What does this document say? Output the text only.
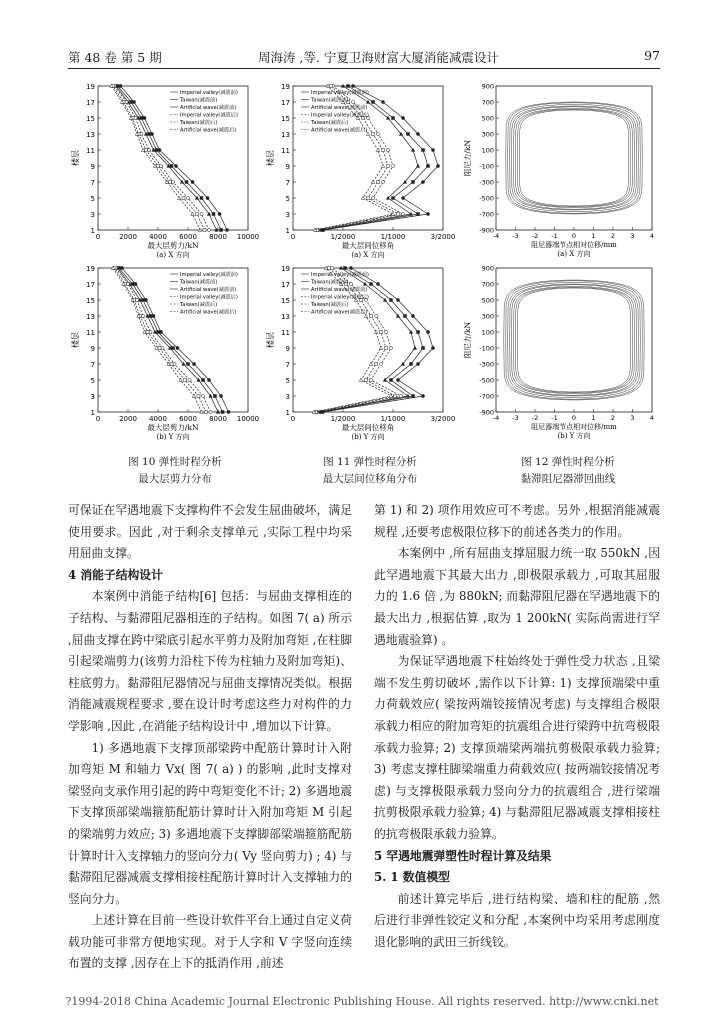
第 48 卷 第 5 期	周海涛 ,等. 宁夏卫海财富大厦消能减震设计	97
1
3
5
7
9
11
13
15
17
19
0	2000 4000 6000 8000 10000
楼层
最大层剪力/kN
(a) X 方向
Imperial valley(减震前)
Taiwan(减震前)
Artificial wave(减震前)
Imperial valley(减震后)
Taiwan(减震后)
Artificial wave(减震后)
1
3
5
7
9
11
13
15
17
19
0	1/2000	1/1000	3/2000
楼层
最大层间位移角
(a) X 方向
Imperial valley(减震前)
Taiwan(减震前)
Artificial wave(减震前)
Imperial valley(减震后)
Taiwan(减震后)
Artificial wave(减震后)
900
700
500
300
100
-100
-300
-500
-700
-900
-4 -3 -2 -1 0 1 2 3 4
阻尼力/kN
阻尼器端节点相对位移/mm
(a) X 方向
1
3
5
7
9
11
13
15
17
19
0	2000 4000 6000 8000 10000
楼层
最大层剪力/kN
(b) Y 方向
Imperial valley(减震前)
Taiwan(减震前)
Artificial wave(减震前)
Imperial valley(减震后)
Taiwan(减震后)
Artificial wave(减震后)
1
3
5
7
9
11
13
15
17
19
0	1/2000	1/1000	3/2000
楼层
最大层间位移角
(b) Y 方向
Imperial valley(减震前)
Taiwan(减震前)
Artificial wave(减震前)
Imperial valley(减震后)
Taiwan(减震后)
Artificial wave(减震后)
900
700
500
300
100
-100
-300
-500
-700
-900
-4 -3 -2 -1 0 1 2 3 4
阻尼力/kN
阻尼器端节点相对位移/mm
(b) Y 方向
图 10 弹性时程分析
最大层剪力分布
图 11 弹性时程分析
最大层间位移角分布
图 12 弹性时程分析
黏滞阻尼器滞回曲线

可保证在罕遇地震下支撑构件不会发生屈曲破坏，满足使用要求。因此 ,对于剩余支撑单元 ,实际工程中均采用屈曲支撑。

4 消能子结构设计

本案例中消能子结构[6] 包括：与屈曲支撑相连的子结构、与黏滞阻尼器相连的子结构。如图 7( a) 所示 ,屈曲支撑在跨中梁底引起水平剪力及附加弯矩 ,在柱脚引起梁端剪力(该剪力沿柱下传为柱轴力及附加弯矩)、柱底剪力。黏滞阻尼器情况与屈曲支撑情况类似。根据消能减震规程要求 ,要在设计时考虑这些力对构件的力学影响 ,因此 ,在消能子结构设计中 ,增加以下计算。

1) 多遇地震下支撑顶部梁跨中配筋计算时计入附加弯矩 M 和轴力 Vx( 图 7( a) ) 的影响 ,此时支撑对梁竖向支承作用引起的跨中弯矩变化不计; 2) 多遇地震下支撑顶部梁端箍筋配筋计算时计入附加弯矩 M 引起的梁端剪力效应; 3) 多遇地震下支撑脚部梁端箍筋配筋计算时计入支撑轴力的竖向分力( Vy 竖向剪力) ; 4) 与黏滞阻尼器减震支撑相接柱配筋计算时计入支撑轴力的竖向分力。

上述计算在目前一些设计软件平台上通过自定义荷载功能可非常方便地实现。对于人字和 V 字竖向连续布置的支撑 ,因存在上下的抵消作用 ,前述

第 1) 和 2) 项作用效应可不考虑。另外 ,根据消能减震规程 ,还要考虑极限位移下的前述各类力的作用。

本案例中 ,所有屈曲支撑屈服力统一取 550kN ,因此罕遇地震下其最大出力 ,即极限承载力 ,可取其屈服力的 1.6 倍 ,为 880kN; 而黏滞阻尼器在罕遇地震下的最大出力 ,根据估算 ,取为 1 200kN( 实际尚需进行罕遇地震验算) 。

为保证罕遇地震下柱始终处于弹性受力状态 ,且梁端不发生剪切破坏 ,需作以下计算: 1) 支撑顶端梁中重力荷载效应( 梁按两端铰接情况考虑) 与支撑组合极限承载力相应的附加弯矩的抗震组合进行梁跨中抗弯极限承载力验算; 2) 支撑顶端梁两端抗剪极限承载力验算; 3) 考虑支撑柱脚梁端重力荷载效应( 按两端铰接情况考虑) 与支撑极限承载力竖向分力的抗震组合 ,进行梁端抗剪极限承载力验算; 4) 与黏滞阻尼器减震支撑相接柱的抗弯极限承载力验算。

5 罕遇地震弹塑性时程计算及结果

5. 1 数值模型

前述计算完毕后 ,进行结构梁、墙和柱的配筋 ,然后进行非弹性铰定义和分配 ,本案例中均采用考虑刚度退化影响的武田三折线铰。

?1994-2018 China Academic Journal Electronic Publishing House. All rights reserved. http://www.cnki.net
